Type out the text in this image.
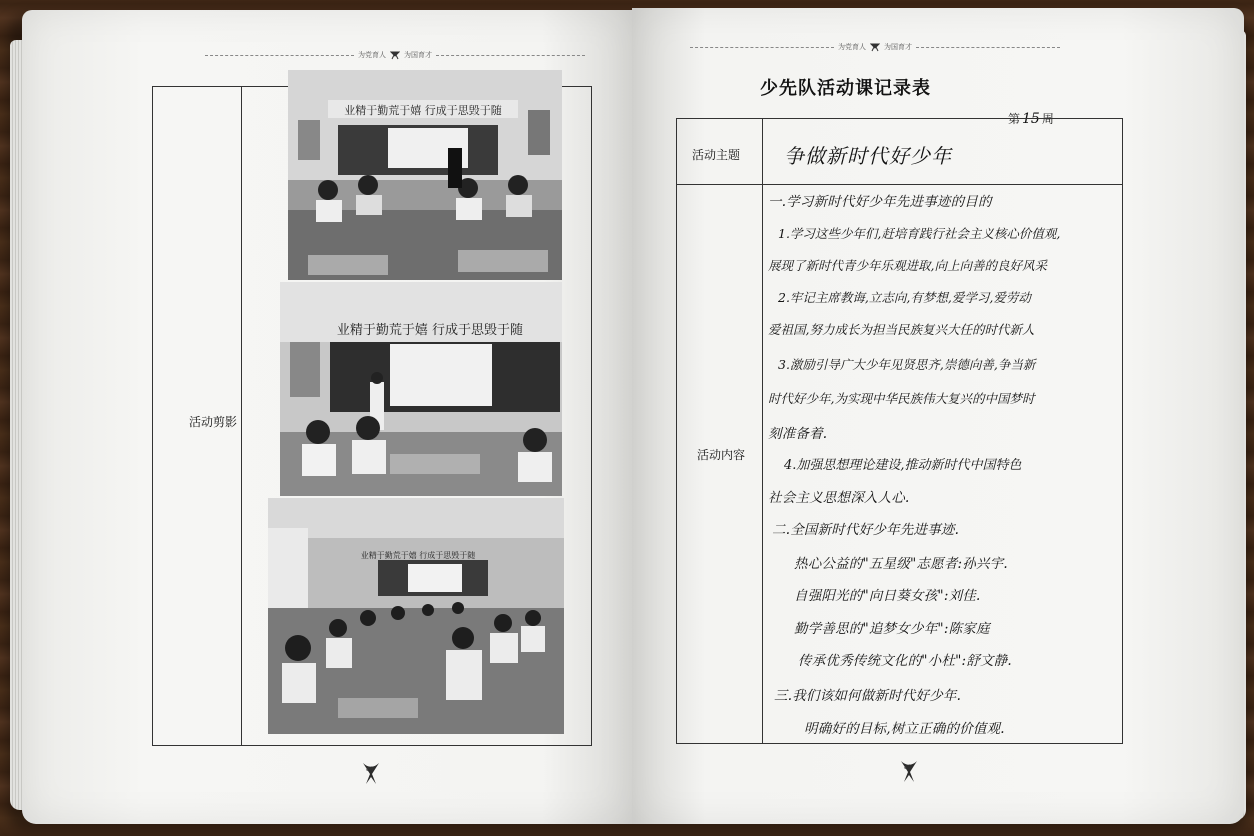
为党育人	为国育才
活动剪影
业精于勤荒于嬉 行成于思毁于随
业精于勤荒于嬉 行成于思毁于随
业精于勤荒于嬉 行成于思毁于随
88
为党育人	为国育才
少先队活动课记录表
第 15 周
活动主题 争做新时代好少年
活动内容
一.学习新时代好少年先进事迹的目的
1.学习这些少年们,赶培育践行社会主义核心价值观,
展现了新时代青少年乐观进取,向上向善的良好风采
2.牢记主席教诲,立志向,有梦想,爱学习,爱劳动
爱祖国,努力成长为担当民族复兴大任的时代新人
3.激励引导广大少年见贤思齐,崇德向善,争当新
时代好少年,为实现中华民族伟大复兴的中国梦时
刻准备着.
4.加强思想理论建设,推动新时代中国特色
社会主义思想深入人心.
二.全国新时代好少年先进事迹.
热心公益的"五星级"志愿者:孙兴宇.
自强阳光的"向日葵女孩":刘佳.
勤学善思的"追梦女少年":陈家庭
传承优秀传统文化的"小杜":舒文静.
三.我们该如何做新时代好少年.
明确好的目标,树立正确的价值观.
89
